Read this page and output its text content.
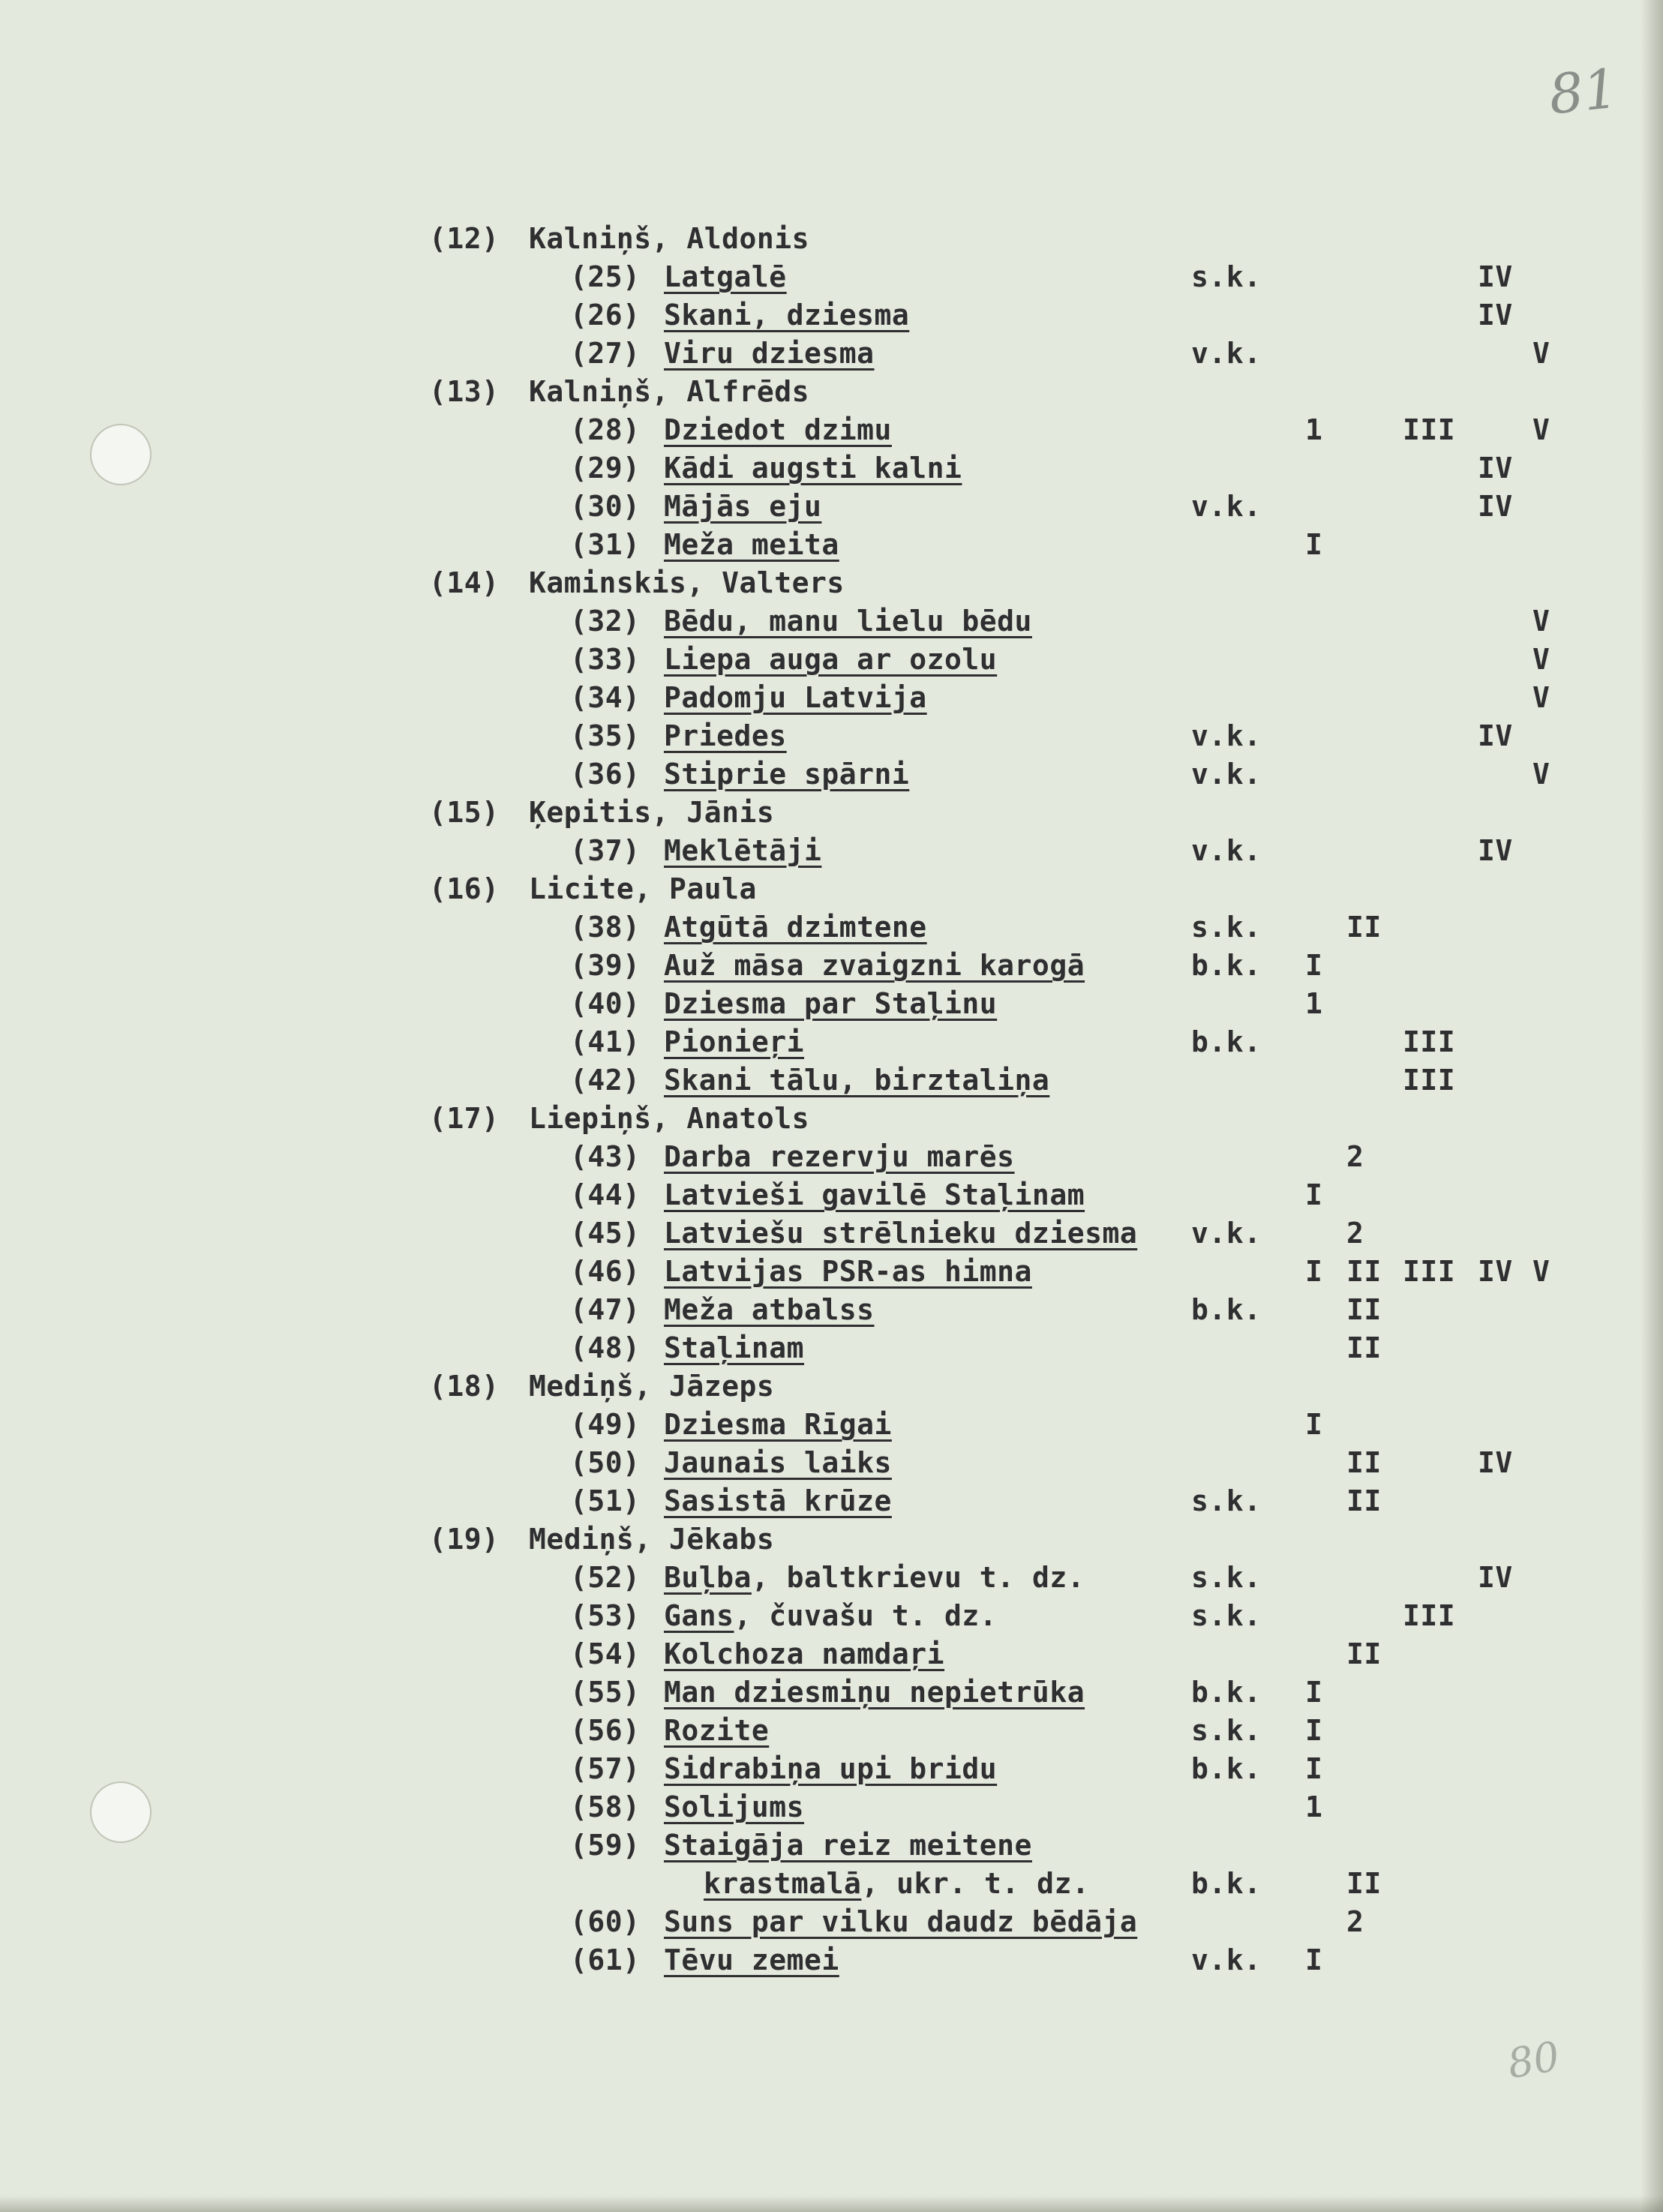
81
80
(12) Kalniņš, Aldonis
(25) Latgalē	s.k.	IV
(26) Skani, dziesma	IV
(27) Viru dziesma	v.k.	V
(13) Kalniņš, Alfrēds
(28) Dziedot dzimu	1	III	V
(29) Kādi augsti kalni	IV
(30) Mājās eju	v.k.	IV
(31) Meža meita	I
(14) Kaminskis, Valters
(32) Bēdu, manu lielu bēdu	V
(33) Liepa auga ar ozolu	V
(34) Padomju Latvija	V
(35) Priedes	v.k.	IV
(36) Stiprie spārni	v.k.	V
(15) Ķepitis, Jānis
(37) Meklētāji	v.k.	IV
(16) Licite, Paula
(38) Atgūtā dzimtene	s.k.	II
(39) Auž māsa zvaigzni karogā	b.k. I
(40) Dziesma par Staļinu	1
(41) Pionieŗi	b.k.	III
(42) Skani tālu, birztaliņa	III
(17) Liepiņš, Anatols
(43) Darba rezervju marēs	2
(44) Latvieši gavilē Staļinam	I
(45) Latviešu strēlnieku dziesma v.k.	2
(46) Latvijas PSR-as himna	I II III IV V
(47) Meža atbalss	b.k.	II
(48) Staļinam	II
(18) Mediņš, Jāzeps
(49) Dziesma Rīgai	I
(50) Jaunais laiks	II	IV
(51) Sasistā krūze	s.k.	II
(19) Mediņš, Jēkabs
(52) Buļba, baltkrievu t. dz.	s.k.	IV
(53) Gans, čuvašu t. dz.	s.k.	III
(54) Kolchoza namdaŗi	II
(55) Man dziesmiņu nepietrūka	b.k. I
(56) Rozite	s.k. I
(57) Sidrabiņa upi bridu	b.k. I
(58) Solijums	1
(59) Staigāja reiz meitene
krastmalā, ukr. t. dz.	b.k.	II
(60) Suns par vilku daudz bēdāja	2
(61) Tēvu zemei	v.k. I
